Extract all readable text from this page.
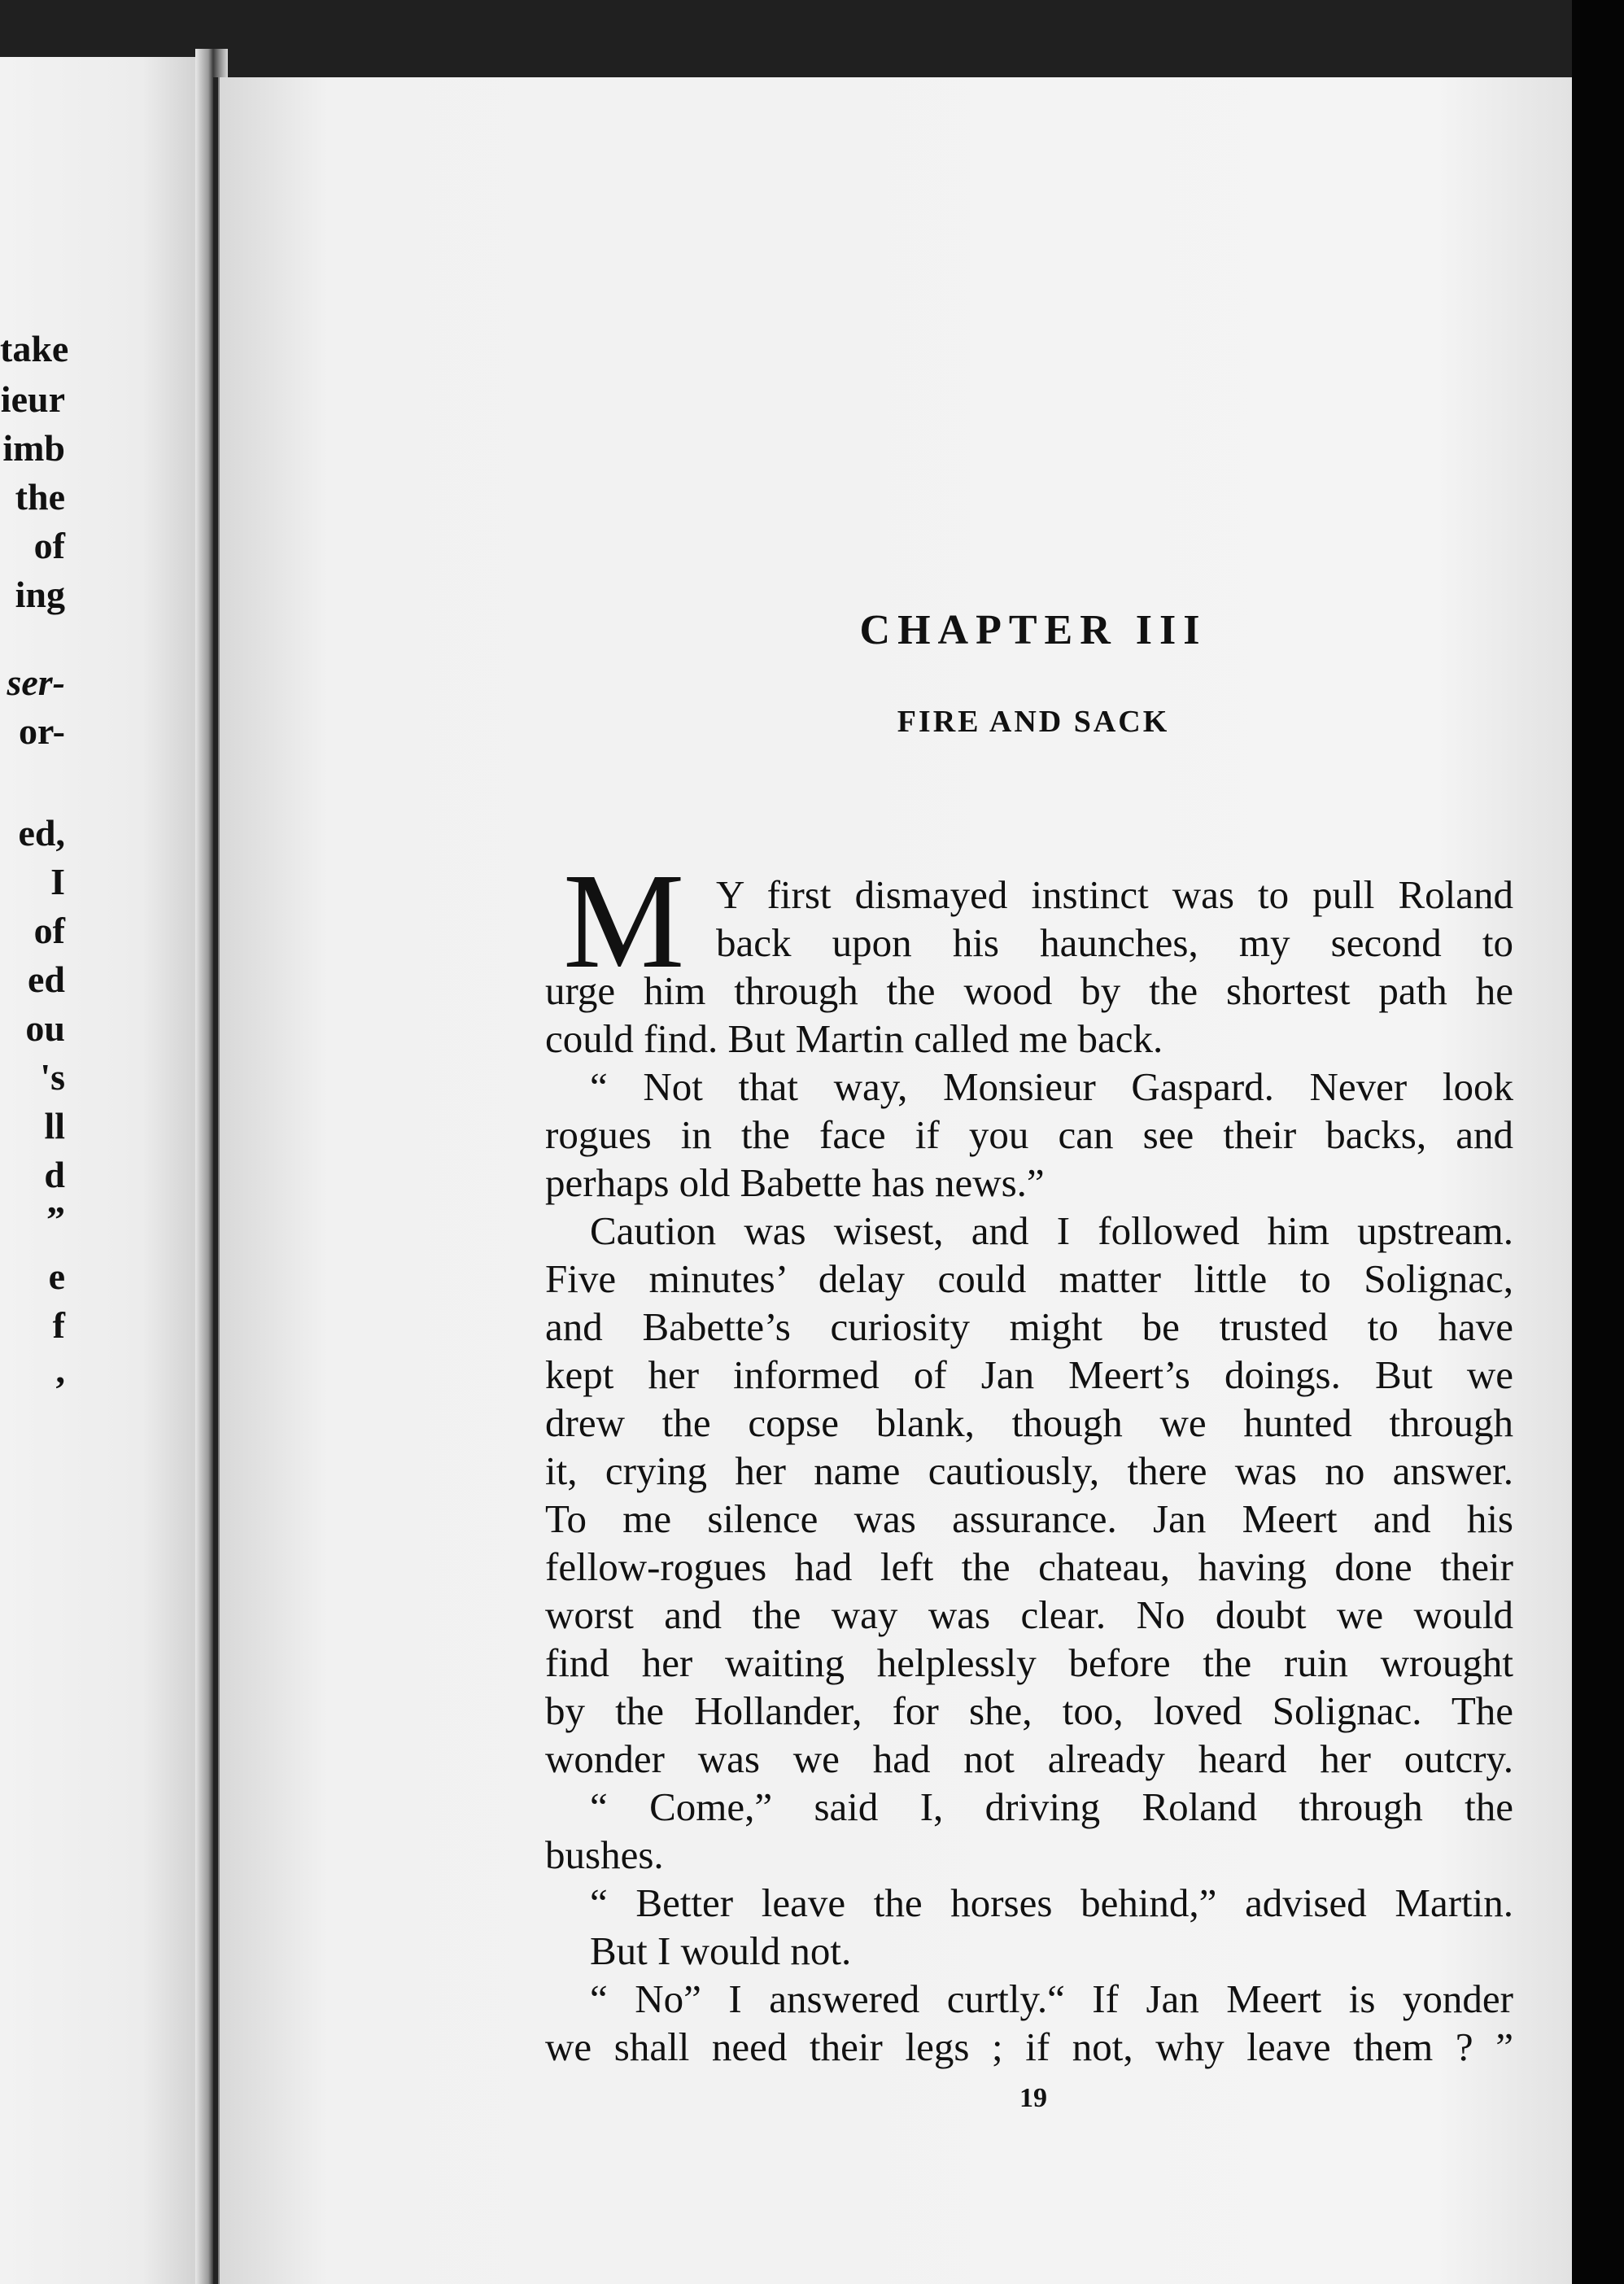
take
ieur
imb
the
of
ing
ser-
or-
ed,
I
of
ed
ou
's
ll
d
”
e
f
,
CHAPTER III
FIRE AND SACK
M Y first dismayed instinct was to pull Roland
back upon his haunches, my second to
urge him through the wood by the shortest path he
could find. But Martin called me back.
“ Not that way, Monsieur Gaspard. Never look
rogues in the face if you can see their backs, and
perhaps old Babette has news.”
Caution was wisest, and I followed him upstream.
Five minutes’ delay could matter little to Solignac,
and Babette’s curiosity might be trusted to have
kept her informed of Jan Meert’s doings. But we
drew the copse blank, though we hunted through
it, crying her name cautiously, there was no answer.
To me silence was assurance. Jan Meert and his
fellow-rogues had left the chateau, having done their
worst and the way was clear. No doubt we would
find her waiting helplessly before the ruin wrought
by the Hollander, for she, too, loved Solignac. The
wonder was we had not already heard her outcry.
“ Come,” said I, driving Roland through the
bushes.
“ Better leave the horses behind,” advised Martin.
But I would not.
“ No” I answered curtly.“ If Jan Meert is yonder
we shall need their legs ; if not, why leave them ? ”
19
